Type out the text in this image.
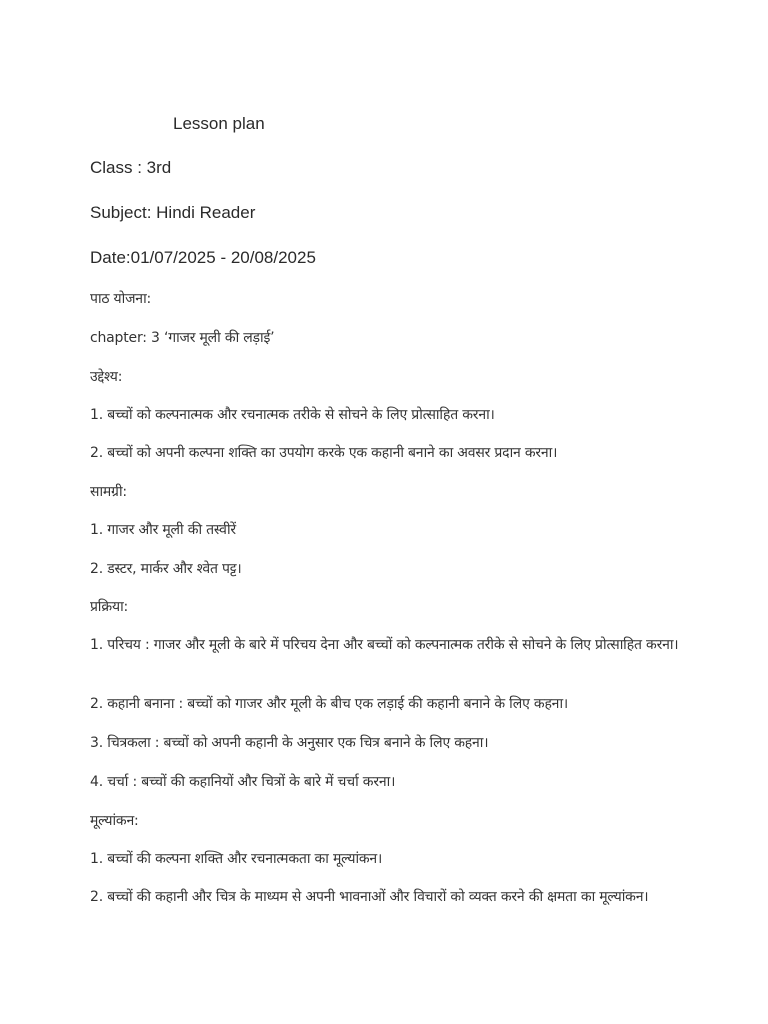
Lesson plan
Class : 3rd
Subject: Hindi Reader
Date:01/07/2025 - 20/08/2025
पाठ योजना:
chapter: 3 ‘गाजर मूली की लड़ाई’
उद्देश्य:
1. बच्चों को कल्पनात्मक और रचनात्मक तरीके से सोचने के लिए प्रोत्साहित करना।
2. बच्चों को अपनी कल्पना शक्ति का उपयोग करके एक कहानी बनाने का अवसर प्रदान करना।
सामग्री:
1. गाजर और मूली की तस्वीरें
2. डस्टर, मार्कर और श्वेत पट्ट।
प्रक्रिया:
1. परिचय : गाजर और मूली के बारे में परिचय देना और बच्चों को कल्पनात्मक तरीके से सोचने के लिए प्रोत्साहित करना।
2. कहानी बनाना : बच्चों को गाजर और मूली के बीच एक लड़ाई की कहानी बनाने के लिए कहना।
3. चित्रकला : बच्चों को अपनी कहानी के अनुसार एक चित्र बनाने के लिए कहना।
4. चर्चा : बच्चों की कहानियों और चित्रों के बारे में चर्चा करना।
मूल्यांकन:
1. बच्चों की कल्पना शक्ति और रचनात्मकता का मूल्यांकन।
2. बच्चों की कहानी और चित्र के माध्यम से अपनी भावनाओं और विचारों को व्यक्त करने की क्षमता का मूल्यांकन।
